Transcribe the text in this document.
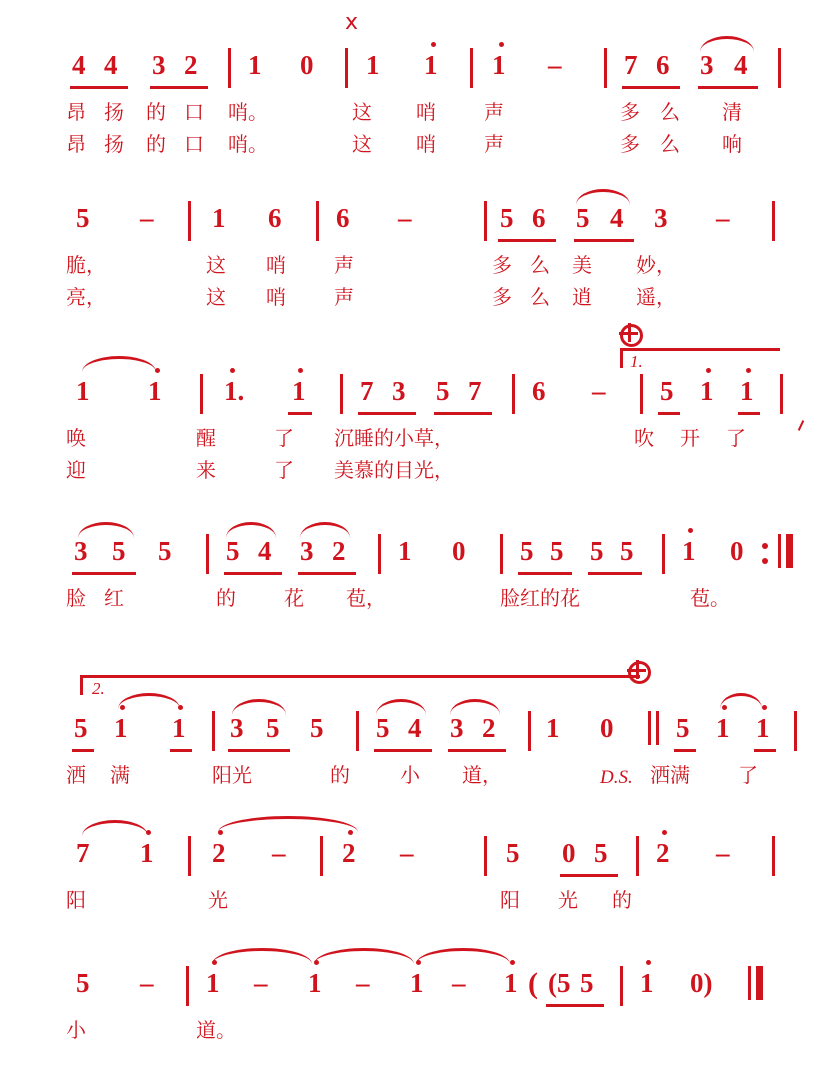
x
4 4 3 2 1 0 1 1 1 – 7 6 3 4
昂 扬 的 口 哨。	这 哨 声	多 么 清
昂 扬 的 口 哨。	这 哨 声	多 么 响
5 – 1 6 6 –	5 6 5 4 3 –
脆，	这 哨 声	多 么 美 妙，
亮，	这 哨 声	多 么 逍 遥，
1.
1 1 1. 1 7 3 5 7 6 – 5 1 1
唤	醒	了 沉睡的小草，	吹 开 了
迎	来	了 美慕的目光，
3 5 5 5 4 3 2 1 0 5 5 5 5 1 0
脸 红	的 花 苞，	脸红的花	苞。
2.
5 1 1 3 5 5 5 4 3 2 1 0 5 1 1
洒 满	阳光	的	小 道，	D.S. 洒满 了
7 1 2 – 2 –	5 0 5 2 –
阳	光	阳 光 的
5 – 1 – 1 – 1 – 1 ( (5 5 1 0)
小	道。
